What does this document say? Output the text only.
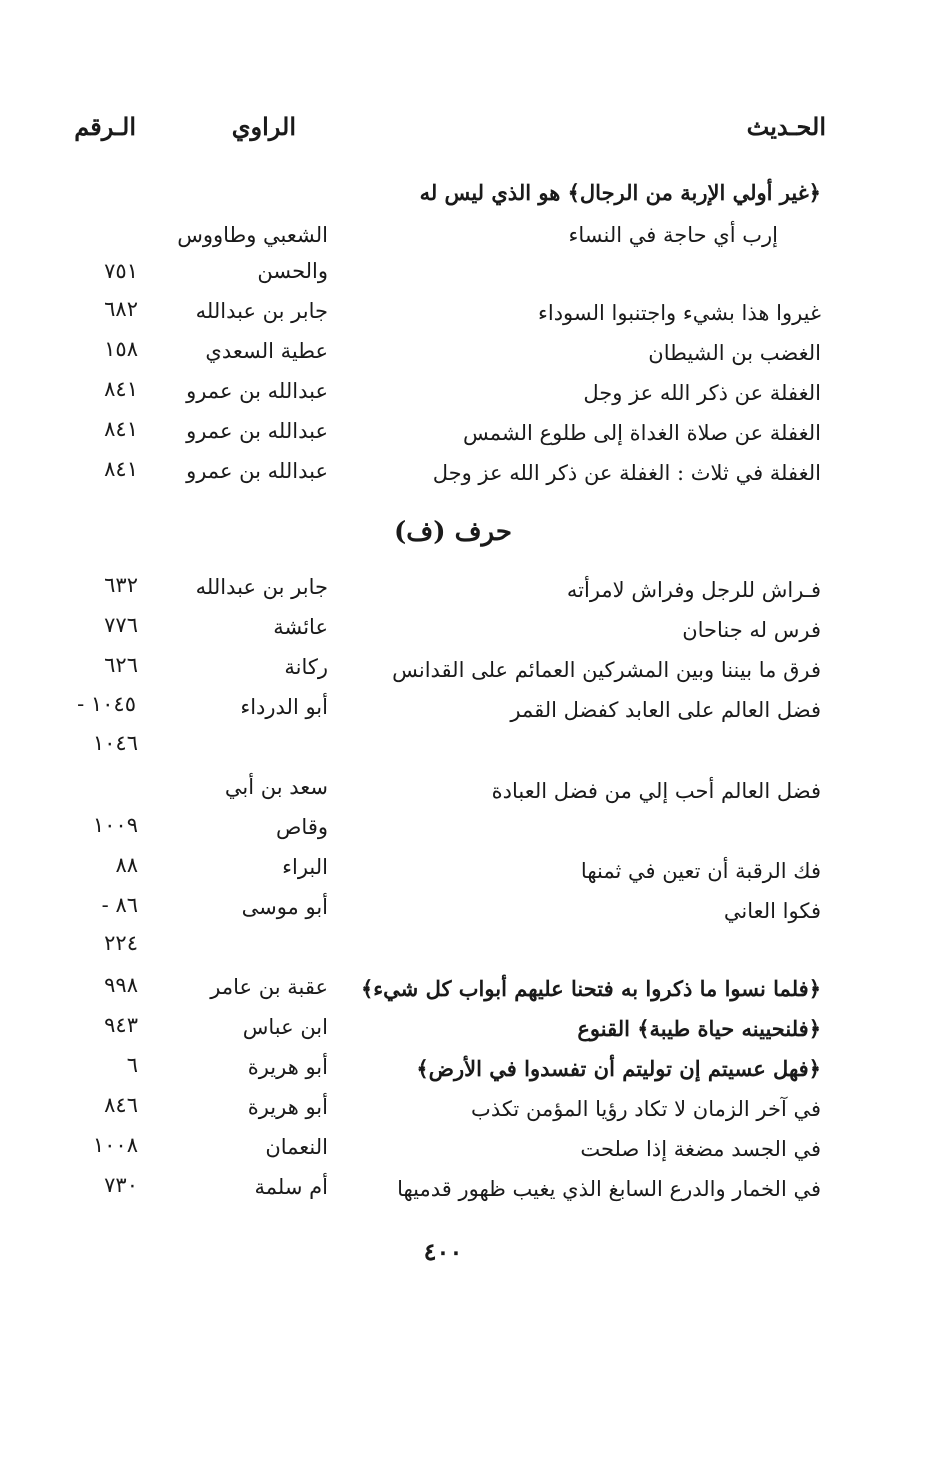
الحـديث
الراوي
الـرقم
﴿غير أولي الإربة من الرجال﴾ هو الذي ليس له
إرب أي حاجة في النساء
الشعبي وطاووس
والحسن
٧٥١
غيروا هذا بشيء واجتنبوا السوداء
جابر بن عبدالله
٦٨٢
الغضب بن الشيطان
عطية السعدي
١٥٨
الغفلة عن ذكر الله عز وجل
عبدالله بن عمرو
٨٤١
الغفلة عن صلاة الغداة إلى طلوع الشمس
عبدالله بن عمرو
٨٤١
الغفلة في ثلاث : الغفلة عن ذكر الله عز وجل
عبدالله بن عمرو
٨٤١
حرف (ف)
فـراش للرجل وفراش لامرأته
جابر بن عبدالله
٦٣٢
فرس له جناحان
عائشة
٧٧٦
فرق ما بيننا وبين المشركين العمائم على القدانس
ركانة
٦٢٦
فضل العالم على العابد كفضل القمر
أبو الدرداء
١٠٤٥ -
١٠٤٦
فضل العالم أحب إلي من فضل العبادة
سعد بن أبي
وقاص
١٠٠٩
فك الرقبة أن تعين في ثمنها
البراء
٨٨
فكوا العاني
أبو موسى
٨٦ -
٢٢٤
﴿فلما نسوا ما ذكروا به فتحنا عليهم أبواب كل شيء﴾
عقبة بن عامر
٩٩٨
﴿فلنحيينه حياة طيبة﴾ القنوع
ابن عباس
٩٤٣
﴿فهل عسيتم إن توليتم أن تفسدوا في الأرض﴾
أبو هريرة
٦
في آخر الزمان لا تكاد رؤيا المؤمن تكذب
أبو هريرة
٨٤٦
في الجسد مضغة إذا صلحت
النعمان
١٠٠٨
في الخمار والدرع السابغ الذي يغيب ظهور قدميها
أم سلمة
٧٣٠
٤٠٠
